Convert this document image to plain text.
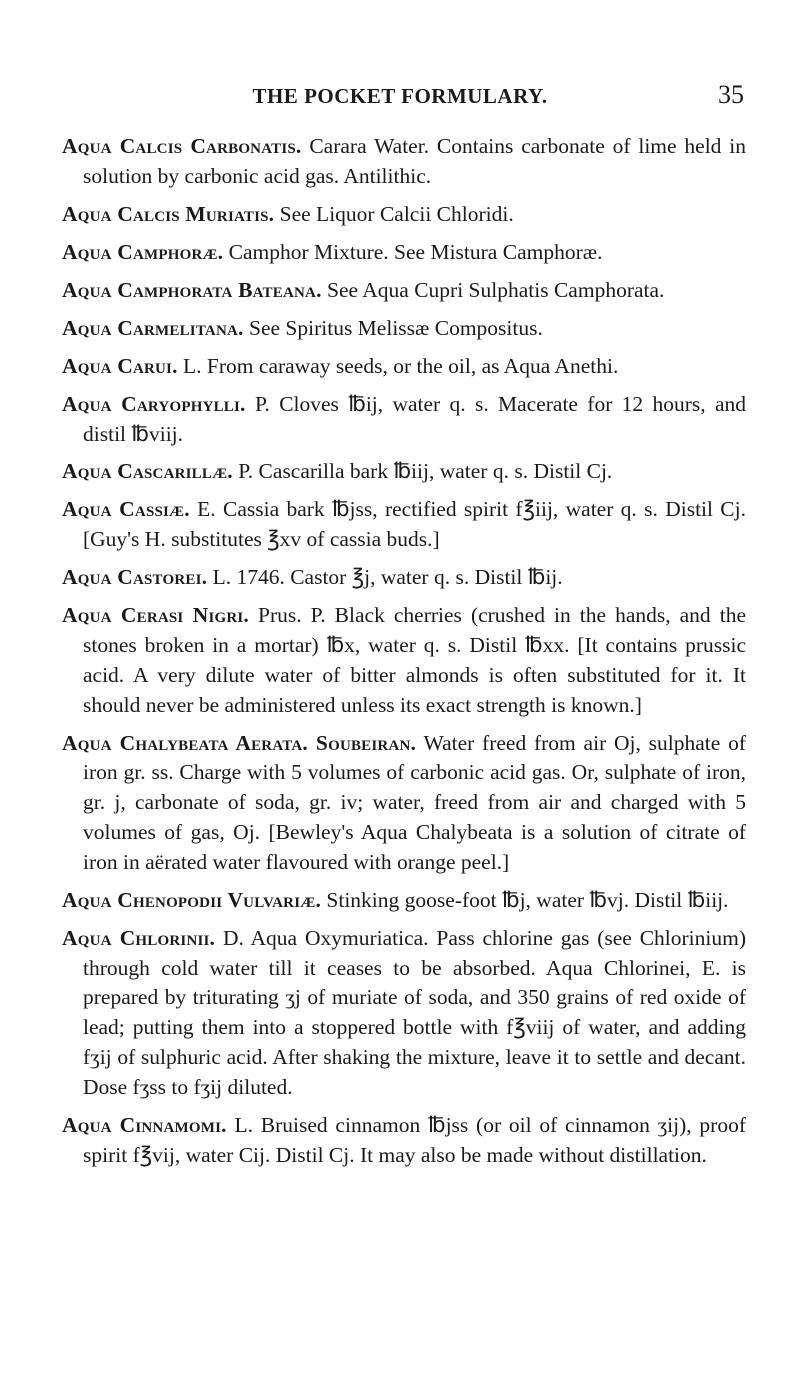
THE POCKET FORMULARY.	35

Aqua Calcis Carbonatis. Carara Water. Contains carbonate of lime held in solution by carbonic acid gas. Antilithic.

Aqua Calcis Muriatis. See Liquor Calcii Chloridi.

Aqua Camphoræ. Camphor Mixture. See Mistura Camphoræ.

Aqua Camphorata Bateana. See Aqua Cupri Sulphatis Camphorata.

Aqua Carmelitana. See Spiritus Melissæ Compositus.

Aqua Carui. L. From caraway seeds, or the oil, as Aqua Anethi.

Aqua Caryophylli. P. Cloves ℔ij, water q. s. Macerate for 12 hours, and distil ℔viij.

Aqua Cascarillæ. P. Cascarilla bark ℔iij, water q. s. Distil Cj.

Aqua Cassiæ. E. Cassia bark ℔jss, rectified spirit f℥iij, water q. s. Distil Cj. [Guy's H. substitutes ℥xv of cassia buds.]

Aqua Castorei. L. 1746. Castor ℥j, water q. s. Distil ℔ij.

Aqua Cerasi Nigri. Prus. P. Black cherries (crushed in the hands, and the stones broken in a mortar) ℔x, water q. s. Distil ℔xx. [It contains prussic acid. A very dilute water of bitter almonds is often substituted for it. It should never be administered unless its exact strength is known.]

Aqua Chalybeata Aerata. Soubeiran. Water freed from air Oj, sulphate of iron gr. ss. Charge with 5 volumes of carbonic acid gas. Or, sulphate of iron, gr. j, carbonate of soda, gr. iv; water, freed from air and charged with 5 volumes of gas, Oj. [Bewley's Aqua Chalybeata is a solution of citrate of iron in aërated water flavoured with orange peel.]

Aqua Chenopodii Vulvariæ. Stinking goose-foot ℔j, water ℔vj. Distil ℔iij.

Aqua Chlorinii. D. Aqua Oxymuriatica. Pass chlorine gas (see Chlorinium) through cold water till it ceases to be absorbed. Aqua Chlorinei, E. is prepared by triturating ʒj of muriate of soda, and 350 grains of red oxide of lead; putting them into a stoppered bottle with f℥viij of water, and adding fʒij of sulphuric acid. After shaking the mixture, leave it to settle and decant. Dose fʒss to fʒij diluted.

Aqua Cinnamomi. L. Bruised cinnamon ℔jss (or oil of cinnamon ʒij), proof spirit f℥vij, water Cij. Distil Cj. It may also be made without distillation.
